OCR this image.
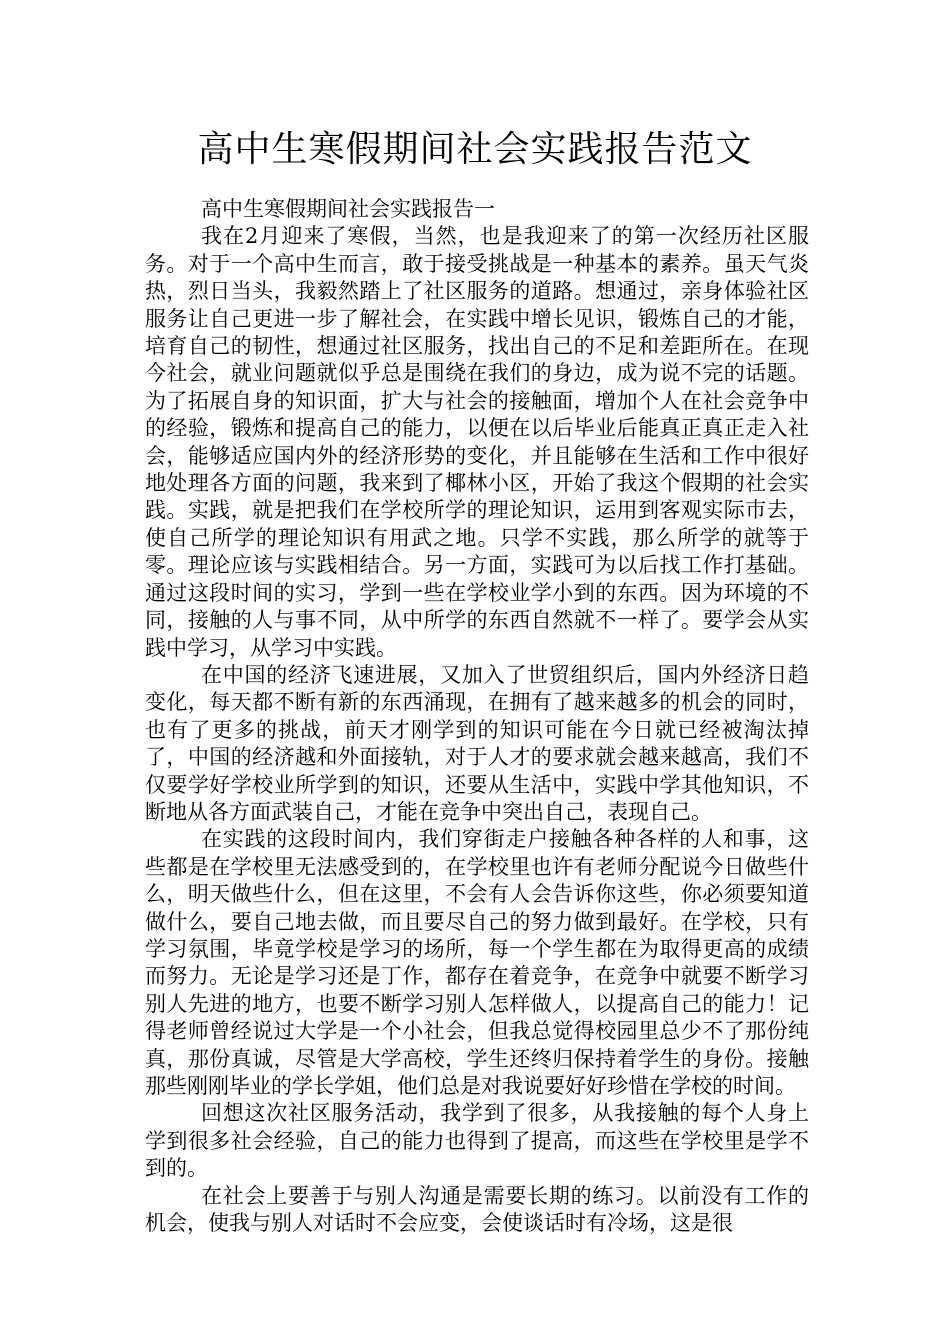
高中生寒假期间社会实践报告范文

高中生寒假期间社会实践报告一

我在2月迎来了寒假，当然，也是我迎来了的第一次经历社区服务。对于一个高中生而言，敢于接受挑战是一种基本的素养。虽天气炎热，烈日当头，我毅然踏上了社区服务的道路。想通过，亲身体验社区服务让自己更进一步了解社会，在实践中增长见识，锻炼自己的才能，培育自己的韧性，想通过社区服务，找出自己的不足和差距所在。在现今社会，就业问题就似乎总是围绕在我们的身边，成为说不完的话题。为了拓展自身的知识面，扩大与社会的接触面，增加个人在社会竞争中的经验，锻炼和提高自己的能力，以便在以后毕业后能真正真正走入社会，能够适应国内外的经济形势的变化，并且能够在生活和工作中很好地处理各方面的问题，我来到了椰林小区，开始了我这个假期的社会实践。实践，就是把我们在学校所学的理论知识，运用到客观实际巿去，使自己所学的理论知识有用武之地。只学不实践，那么所学的就等于零。理论应该与实践相结合。另一方面，实践可为以后找工作打基础。通过这段时间的实习，学到一些在学校业学小到的东西。因为环境的不同，接触的人与事不同，从中所学的东西自然就不一样了。要学会从实践中学习，从学习中实践。

在中国的经济飞速进展，又加入了世贸组织后，国内外经济日趋变化，每天都不断有新的东西涌现，在拥有了越来越多的机会的同时，也有了更多的挑战，前天才刚学到的知识可能在今日就已经被淘汰掉了，中国的经济越和外面接轨，对于人才的要求就会越来越高，我们不仅要学好学校业所学到的知识，还要从生活中，实践中学其他知识，不断地从各方面武装自己，才能在竞争中突出自己，表现自己。

在实践的这段时间内，我们穿街走户接触各种各样的人和事，这些都是在学校里无法感受到的，在学校里也许有老师分配说今日做些什么，明天做些什么，但在这里，不会有人会告诉你这些，你必须要知道做什么，要自己地去做，而且要尽自己的努力做到最好。在学校，只有学习氛围，毕竟学校是学习的场所，每一个学生都在为取得更高的成绩而努力。无论是学习还是丁作，都存在着竞争，在竞争中就要不断学习别人先进的地方，也要不断学习别人怎样做人，以提高自己的能力！记得老师曾经说过大学是一个小社会，但我总觉得校园里总少不了那份纯真，那份真诚，尽管是大学高校，学生还终归保持着学生的身份。接触那些刚刚毕业的学长学姐，他们总是对我说要好好珍惜在学校的时间。

回想这次社区服务活动，我学到了很多，从我接触的每个人身上学到很多社会经验，自己的能力也得到了提高，而这些在学校里是学不到的。

在社会上要善于与别人沟通是需要长期的练习。以前没有工作的机会，使我与别人对话时不会应变，会使谈话时有冷场，这是很
